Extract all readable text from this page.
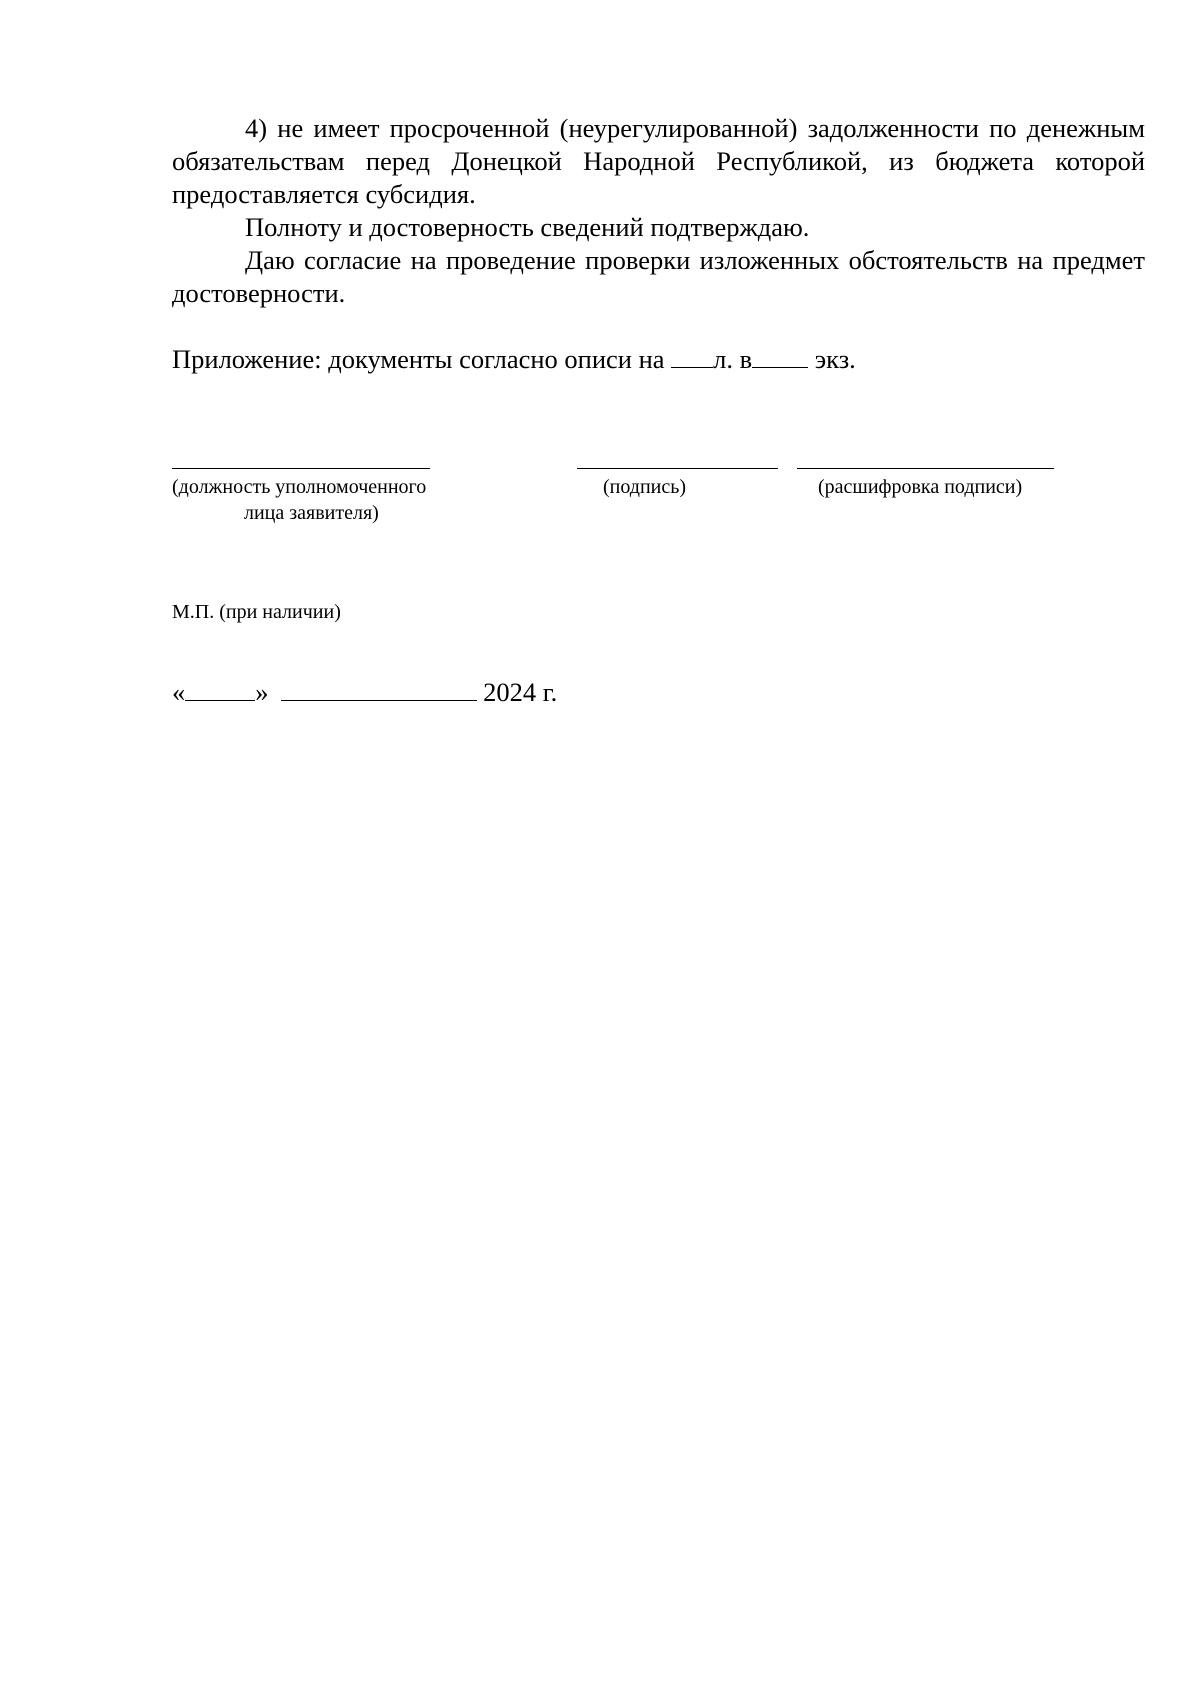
4) не имеет просроченной (неурегулированной) задолженности по денежным обязательствам перед Донецкой Народной Республикой, из бюджета которой предоставляется субсидия.

Полноту и достоверность сведений подтверждаю.

Даю согласие на проведение проверки изложенных обстоятельств на предмет достоверности.

Приложение: документы согласно описи на л. в экз.

(должность уполномоченного
лица заявителя)
(подпись)	(расшифровка подписи)
М.П. (при наличии)
«	»	2024 г.
